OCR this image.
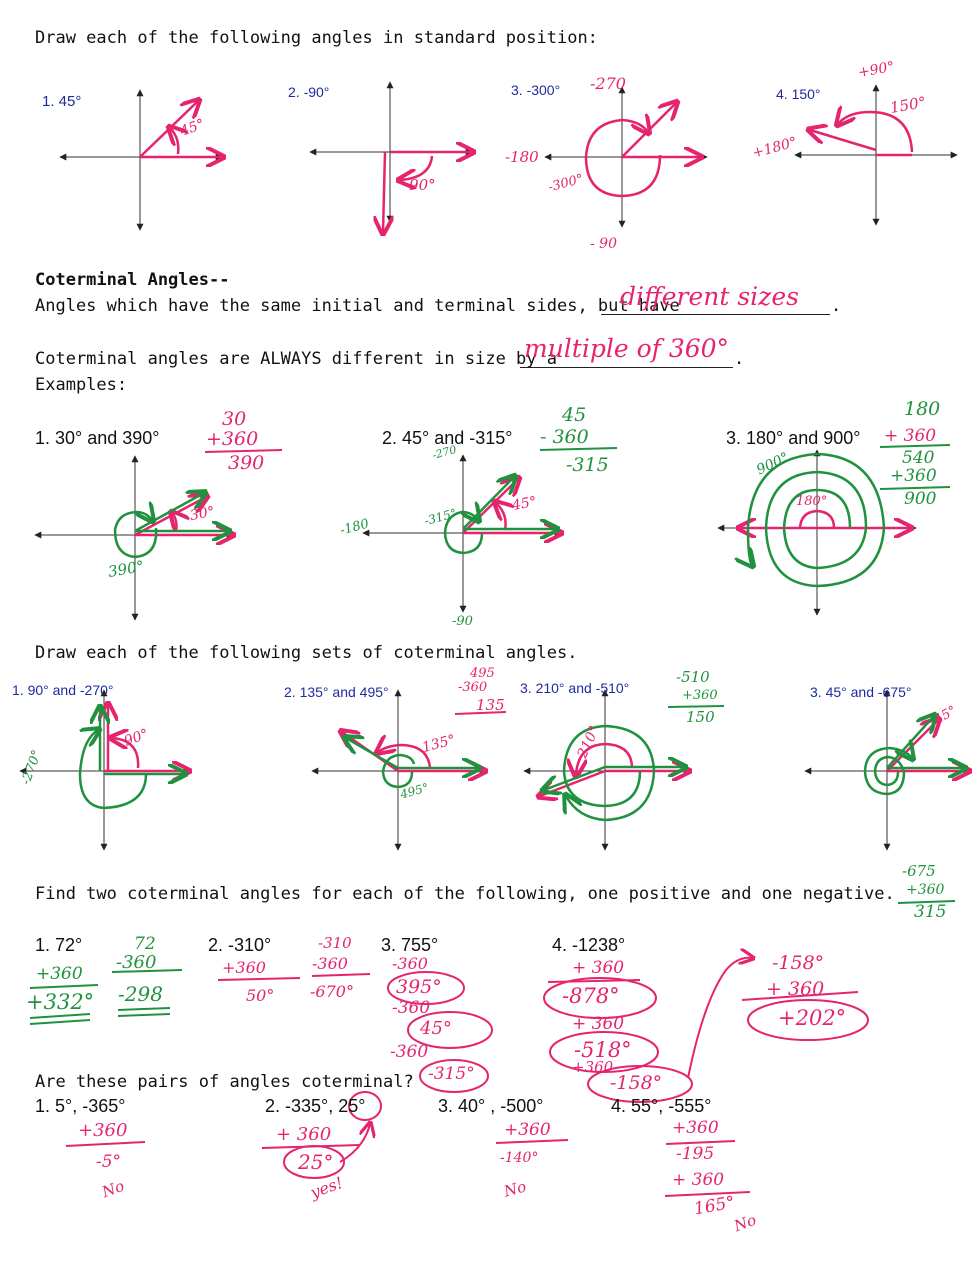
Draw each of the following angles in standard position:
1. 45°
2. -90°	3. -300°	4. 150°
45°
-90°
-270
-180
-300°
- 90
+90°
150°
+180°
Coterminal Angles--
Angles which have the same initial and terminal sides, but have	.
different sizes
Coterminal angles are ALWAYS different in size by a	.
multiple of 360°
Examples:
1. 30° and 390°	2. 45° and -315°	3. 180° and 900°
30
+360
390
30°
390°
45
- 360
-315
-270
-315°
45°
-180
-90
180
+ 360
540
+360
900
900°
180°
Draw each of the following sets of coterminal angles.
1. 90° and -270°	2. 135° and 495°	3. 210° and -510°	3. 45° and -675°
90°
-270°
495
-360
135
135°
495°
-510
+360
150
210°
-675
+360
315
45°
Find two coterminal angles for each of the following, one positive and one negative.
1. 72°	2. -310°	3. 755°	4. -1238°
72
-360
-298
+360
+332°
+360
50°
-310
-360
-670°
-360
395°
-360
45°
-360
-315°
+ 360
-878°
+ 360
-518°
+360
-158°
-158°
+ 360
+202°
Are these pairs of angles coterminal?
1. 5°, -365°	2. -335°, 25°	3. 40° , -500°	4. 55°, -555°
+360
-5°
No
+ 360
25°
yes!
+360
-140°
No
+360
-195
+ 360
165°
No
